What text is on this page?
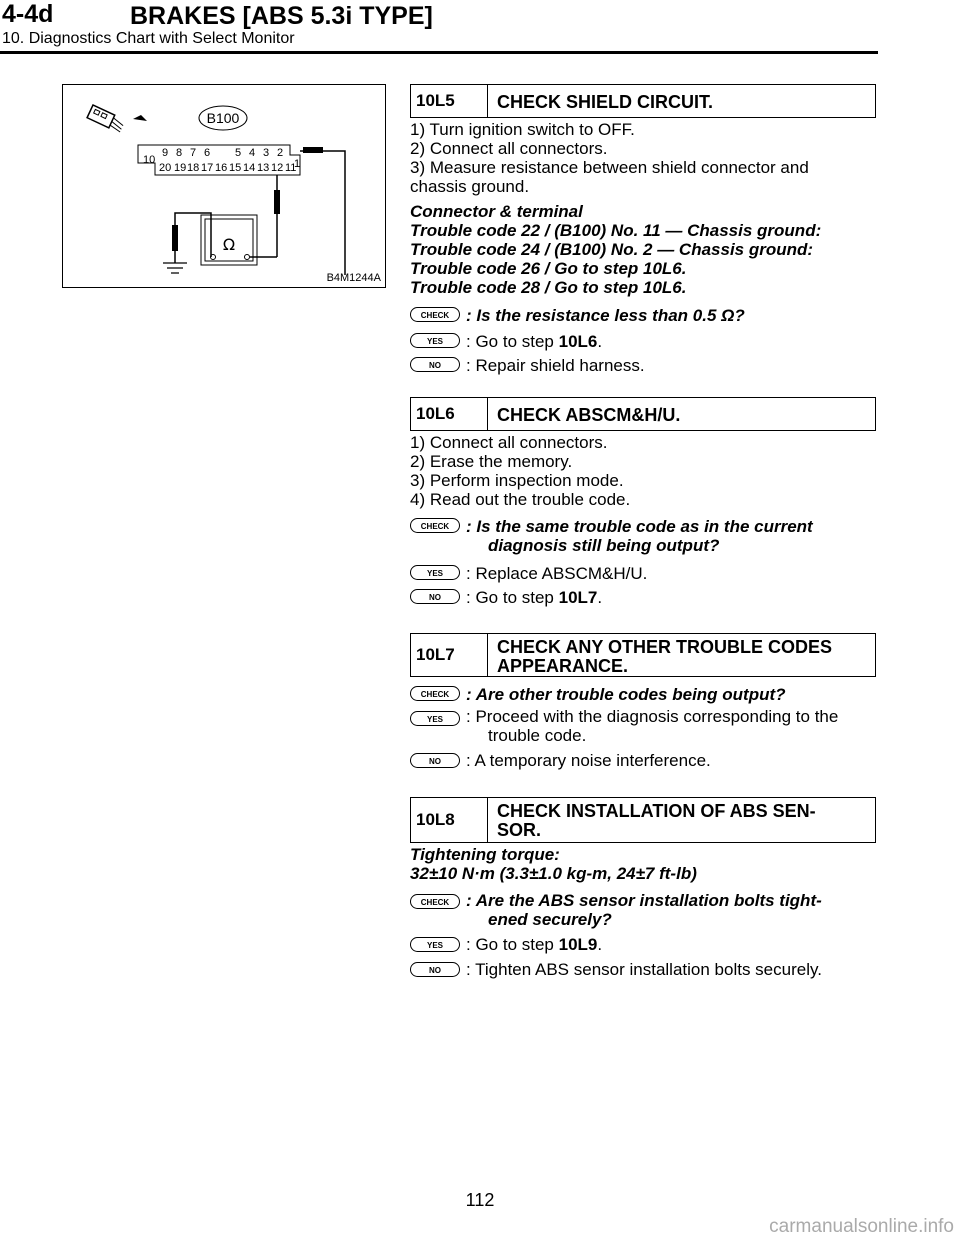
4-4d	BRAKES [ABS 5.3i TYPE]
10. Diagnostics Chart with Select Monitor
B100
10
9 8 7 6 5 4 3 2
1
20 19 18 17 16 15 14 13 12 11
Ω
B4M1244A
10L5	CHECK SHIELD CIRCUIT.
1) Turn ignition switch to OFF.
2) Connect all connectors.
3) Measure resistance between shield connector and
chassis ground.
Connector & terminal
Trouble code 22 / (B100) No. 11 — Chassis ground:
Trouble code 24 / (B100) No. 2 — Chassis ground:
Trouble code 26 / Go to step 10L6.
Trouble code 28 / Go to step 10L6.
CHECK : Is the resistance less than 0.5 Ω?
YES	: Go to step 10L6.
NO	: Repair shield harness.
10L6	CHECK ABSCM&H/U.
1) Connect all connectors.
2) Erase the memory.
3) Perform inspection mode.
4) Read out the trouble code.
CHECK : Is the same trouble code as in the current
diagnosis still being output?
YES	: Replace ABSCM&H/U.
NO	: Go to step 10L7.
10L7	CHECK ANY OTHER TROUBLE CODES
APPEARANCE.
CHECK : Are other trouble codes being output?
YES	: Proceed with the diagnosis corresponding to the
trouble code.
NO	: A temporary noise interference.
10L8	CHECK INSTALLATION OF ABS SEN-
SOR.
Tightening torque:
32±10 N·m (3.3±1.0 kg-m, 24±7 ft-lb)
CHECK : Are the ABS sensor installation bolts tight-
ened securely?
YES	: Go to step 10L9.
NO	: Tighten ABS sensor installation bolts securely.
112
carmanualsonline.info
